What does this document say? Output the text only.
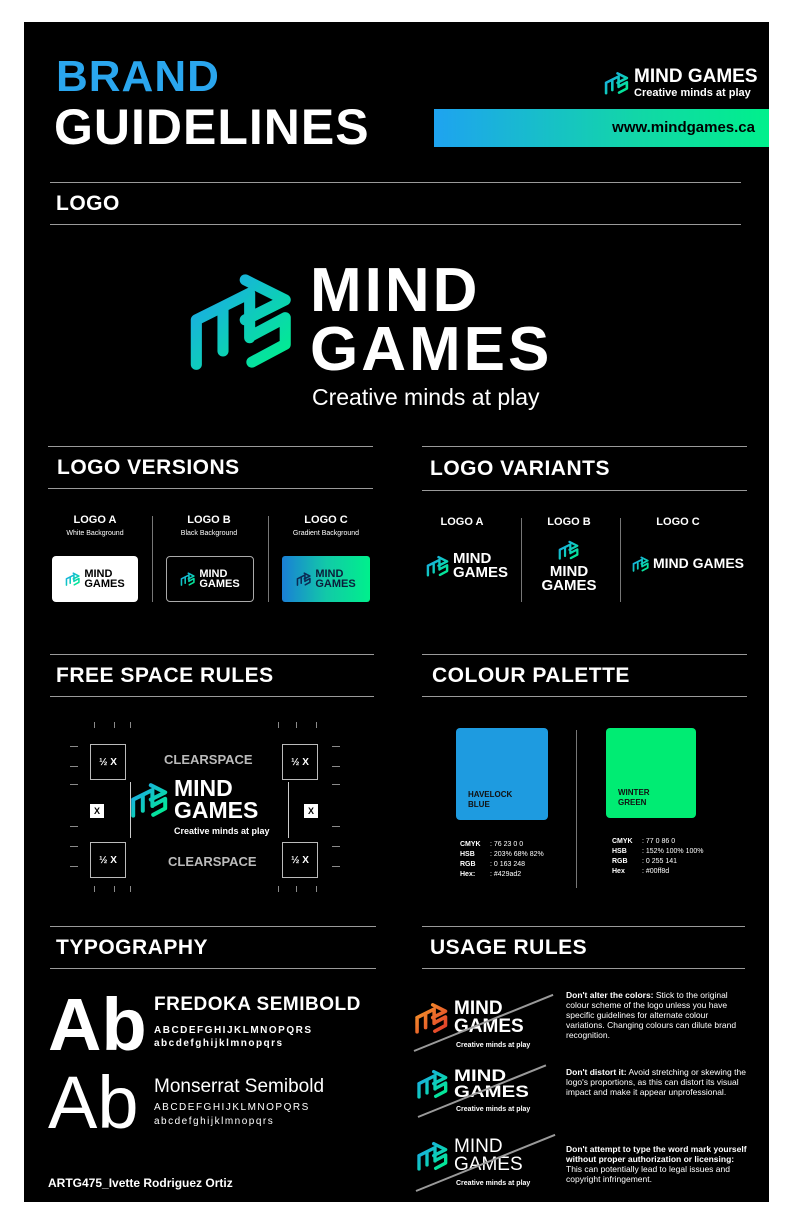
BRAND
GUIDELINES
MIND GAMES
Creative minds at play
www.mindgames.ca
LOGO
MIND
GAMES
Creative minds at play
LOGO VERSIONS
LOGO A
White Background
MIND
GAMES
LOGO B
Black Background
MIND
GAMES
LOGO C
Gradient Background
MIND
GAMES
LOGO VARIANTS
LOGO A
MIND
GAMES
LOGO B
MIND
GAMES
LOGO C
MIND GAMES
FREE SPACE RULES
½ X	½ X
½ X	½ X
X	X
CLEARSPACE
CLEARSPACE
MIND
GAMES
Creative minds at play
COLOUR PALETTE
HAVELOCK
BLUE
CMYK : 76 23 0 0
HSB : 203% 68% 82%
RGB : 0 163 248
Hex: : #429ad2
WINTER
GREEN
CMYK : 77 0 86 0
HSB : 152% 100% 100%
RGB : 0 255 141
Hex : #00ff8d
TYPOGRAPHY
Ab FREDOKA SEMIBOLD
ABCDEFGHIJKLMNOPQRS
abcdefghijklmnopqrs
Ab Monserrat Semibold
ABCDEFGHIJKLMNOPQRS
abcdefghijklmnopqrs
USAGE RULES
MIND
GAMES
Creative minds at play
Don't alter the colors: Stick to the original colour scheme of the logo unless you have specific guidelines for alternate colour variations. Changing colours can dilute brand recognition.
MIND
GAMES
Creative minds at play
Don't distort it: Avoid stretching or skewing the logo's proportions, as this can distort its visual impact and make it appear unprofessional.
MIND
GAMES
Creative minds at play
Don't attempt to type the word mark yourself without proper authorization or licensing: This can potentially lead to legal issues and copyright infringement.
ARTG475_Ivette Rodriguez Ortiz
